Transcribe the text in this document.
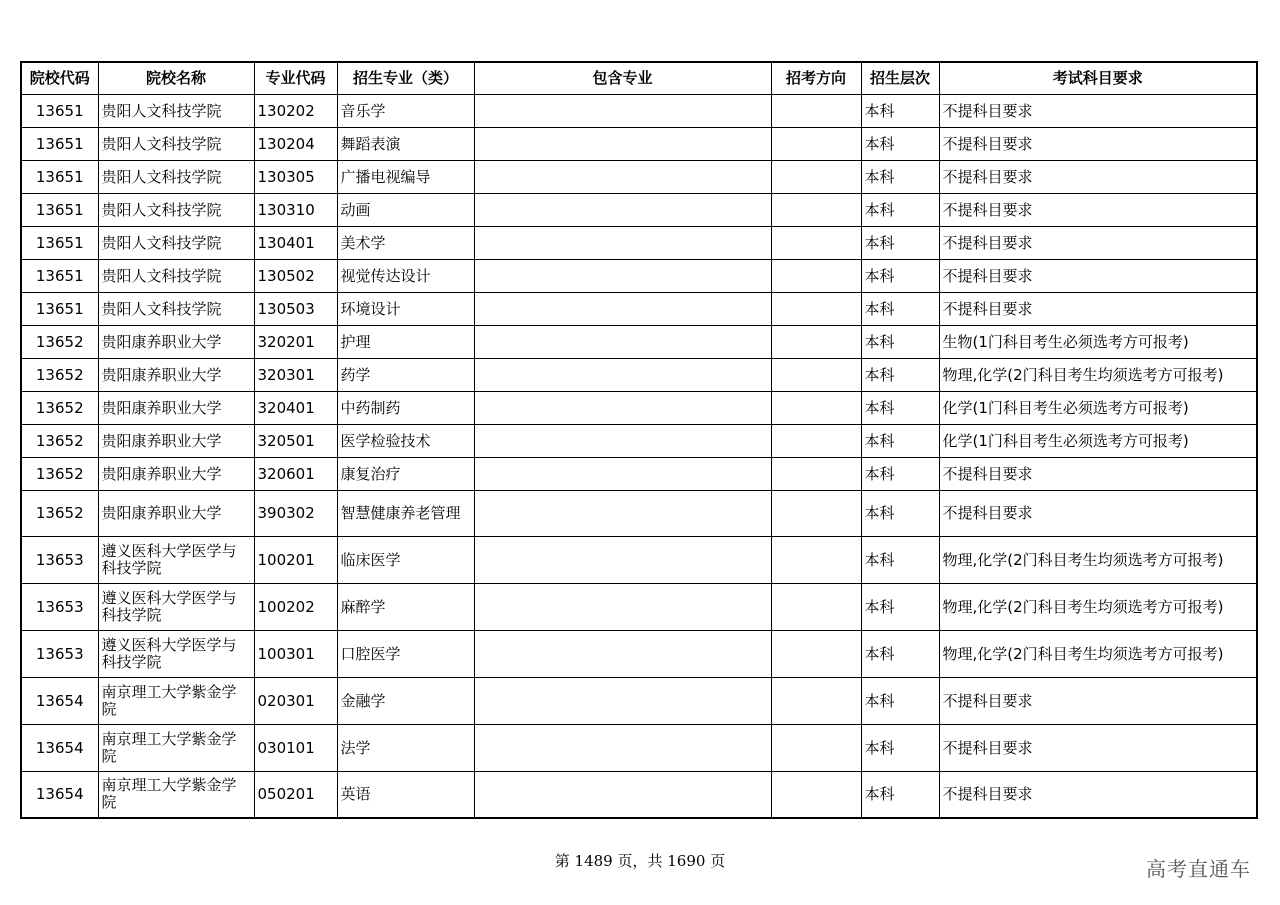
院校代码	院校名称	专业代码	招生专业（类）	包含专业	招考方向	招生层次	考试科目要求
13651	贵阳人文科技学院	130202	音乐学			本科	不提科目要求
13651	贵阳人文科技学院	130204	舞蹈表演			本科	不提科目要求
13651	贵阳人文科技学院	130305	广播电视编导			本科	不提科目要求
13651	贵阳人文科技学院	130310	动画			本科	不提科目要求
13651	贵阳人文科技学院	130401	美术学			本科	不提科目要求
13651	贵阳人文科技学院	130502	视觉传达设计			本科	不提科目要求
13651	贵阳人文科技学院	130503	环境设计			本科	不提科目要求
13652	贵阳康养职业大学	320201	护理			本科	生物(1门科目考生必须选考方可报考)
13652	贵阳康养职业大学	320301	药学			本科	物理,化学(2门科目考生均须选考方可报考)
13652	贵阳康养职业大学	320401	中药制药			本科	化学(1门科目考生必须选考方可报考)
13652	贵阳康养职业大学	320501	医学检验技术			本科	化学(1门科目考生必须选考方可报考)
13652	贵阳康养职业大学	320601	康复治疗			本科	不提科目要求
13652	贵阳康养职业大学	390302	智慧健康养老管理			本科	不提科目要求
13653	遵义医科大学医学与科技学院	100201	临床医学			本科	物理,化学(2门科目考生均须选考方可报考)
13653	遵义医科大学医学与科技学院	100202	麻醉学			本科	物理,化学(2门科目考生均须选考方可报考)
13653	遵义医科大学医学与科技学院	100301	口腔医学			本科	物理,化学(2门科目考生均须选考方可报考)
13654	南京理工大学紫金学院	020301	金融学			本科	不提科目要求
13654	南京理工大学紫金学院	030101	法学			本科	不提科目要求
13654	南京理工大学紫金学院	050201	英语			本科	不提科目要求
第 1489 页，共 1690 页	高考直通车
